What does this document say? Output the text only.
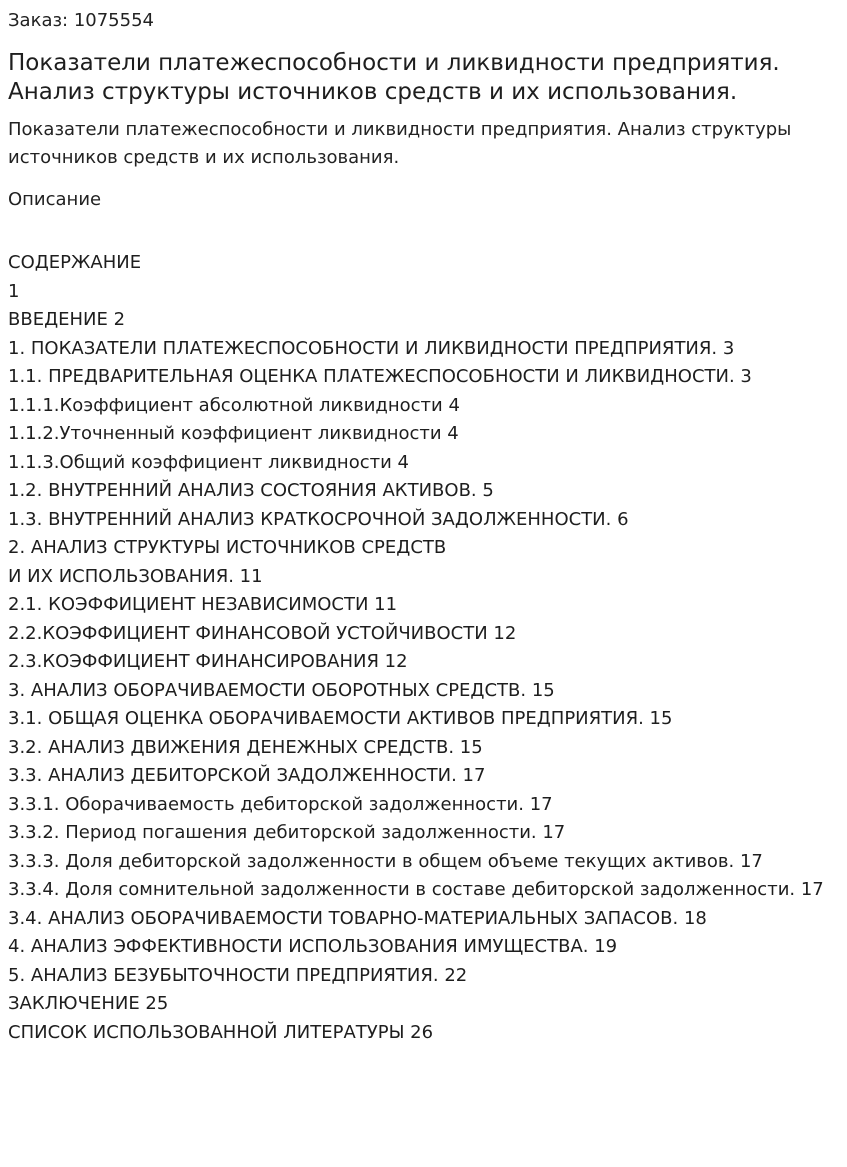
Заказ: 1075554
Показатели платежеспособности и ликвидности предприятия. Анализ структуры источников средств и их использования.

Показатели платежеспособности и ликвидности предприятия. Анализ структуры источников средств и их использования.

Описание
СОДЕРЖАНИЕ
1
ВВЕДЕНИЕ 2
1. ПОКАЗАТЕЛИ ПЛАТЕЖЕСПОСОБНОСТИ И ЛИКВИДНОСТИ ПРЕДПРИЯТИЯ. 3
1.1. ПРЕДВАРИТЕЛЬНАЯ ОЦЕНКА ПЛАТЕЖЕСПОСОБНОСТИ И ЛИКВИДНОСТИ. 3
1.1.1.Коэффициент абсолютной ликвидности 4
1.1.2.Уточненный коэффициент ликвидности 4
1.1.3.Общий коэффициент ликвидности 4
1.2. ВНУТРЕННИЙ АНАЛИЗ СОСТОЯНИЯ АКТИВОВ. 5
1.3. ВНУТРЕННИЙ АНАЛИЗ КРАТКОСРОЧНОЙ ЗАДОЛЖЕННОСТИ. 6
2. АНАЛИЗ СТРУКТУРЫ ИСТОЧНИКОВ СРЕДСТВ
И ИХ ИСПОЛЬЗОВАНИЯ. 11
2.1. КОЭФФИЦИЕНТ НЕЗАВИСИМОСТИ 11
2.2.КОЭФФИЦИЕНТ ФИНАНСОВОЙ УСТОЙЧИВОСТИ 12
2.3.КОЭФФИЦИЕНТ ФИНАНСИРОВАНИЯ 12
3. АНАЛИЗ ОБОРАЧИВАЕМОСТИ ОБОРОТНЫХ СРЕДСТВ. 15
3.1. ОБЩАЯ ОЦЕНКА ОБОРАЧИВАЕМОСТИ АКТИВОВ ПРЕДПРИЯТИЯ. 15
3.2. АНАЛИЗ ДВИЖЕНИЯ ДЕНЕЖНЫХ СРЕДСТВ. 15
3.3. АНАЛИЗ ДЕБИТОРСКОЙ ЗАДОЛЖЕННОСТИ. 17
3.3.1. Оборачиваемость дебиторской задолженности. 17
3.3.2. Период погашения дебиторской задолженности. 17
3.3.3. Доля дебиторской задолженности в общем объеме текущих активов. 17
3.3.4. Доля сомнительной задолженности в составе дебиторской задолженности. 17
3.4. АНАЛИЗ ОБОРАЧИВАЕМОСТИ ТОВАРНО-МАТЕРИАЛЬНЫХ ЗАПАСОВ. 18
4. АНАЛИЗ ЭФФЕКТИВНОСТИ ИСПОЛЬЗОВАНИЯ ИМУЩЕСТВА. 19
5. АНАЛИЗ БЕЗУБЫТОЧНОСТИ ПРЕДПРИЯТИЯ. 22
ЗАКЛЮЧЕНИЕ 25
СПИСОК ИСПОЛЬЗОВАННОЙ ЛИТЕРАТУРЫ 26
